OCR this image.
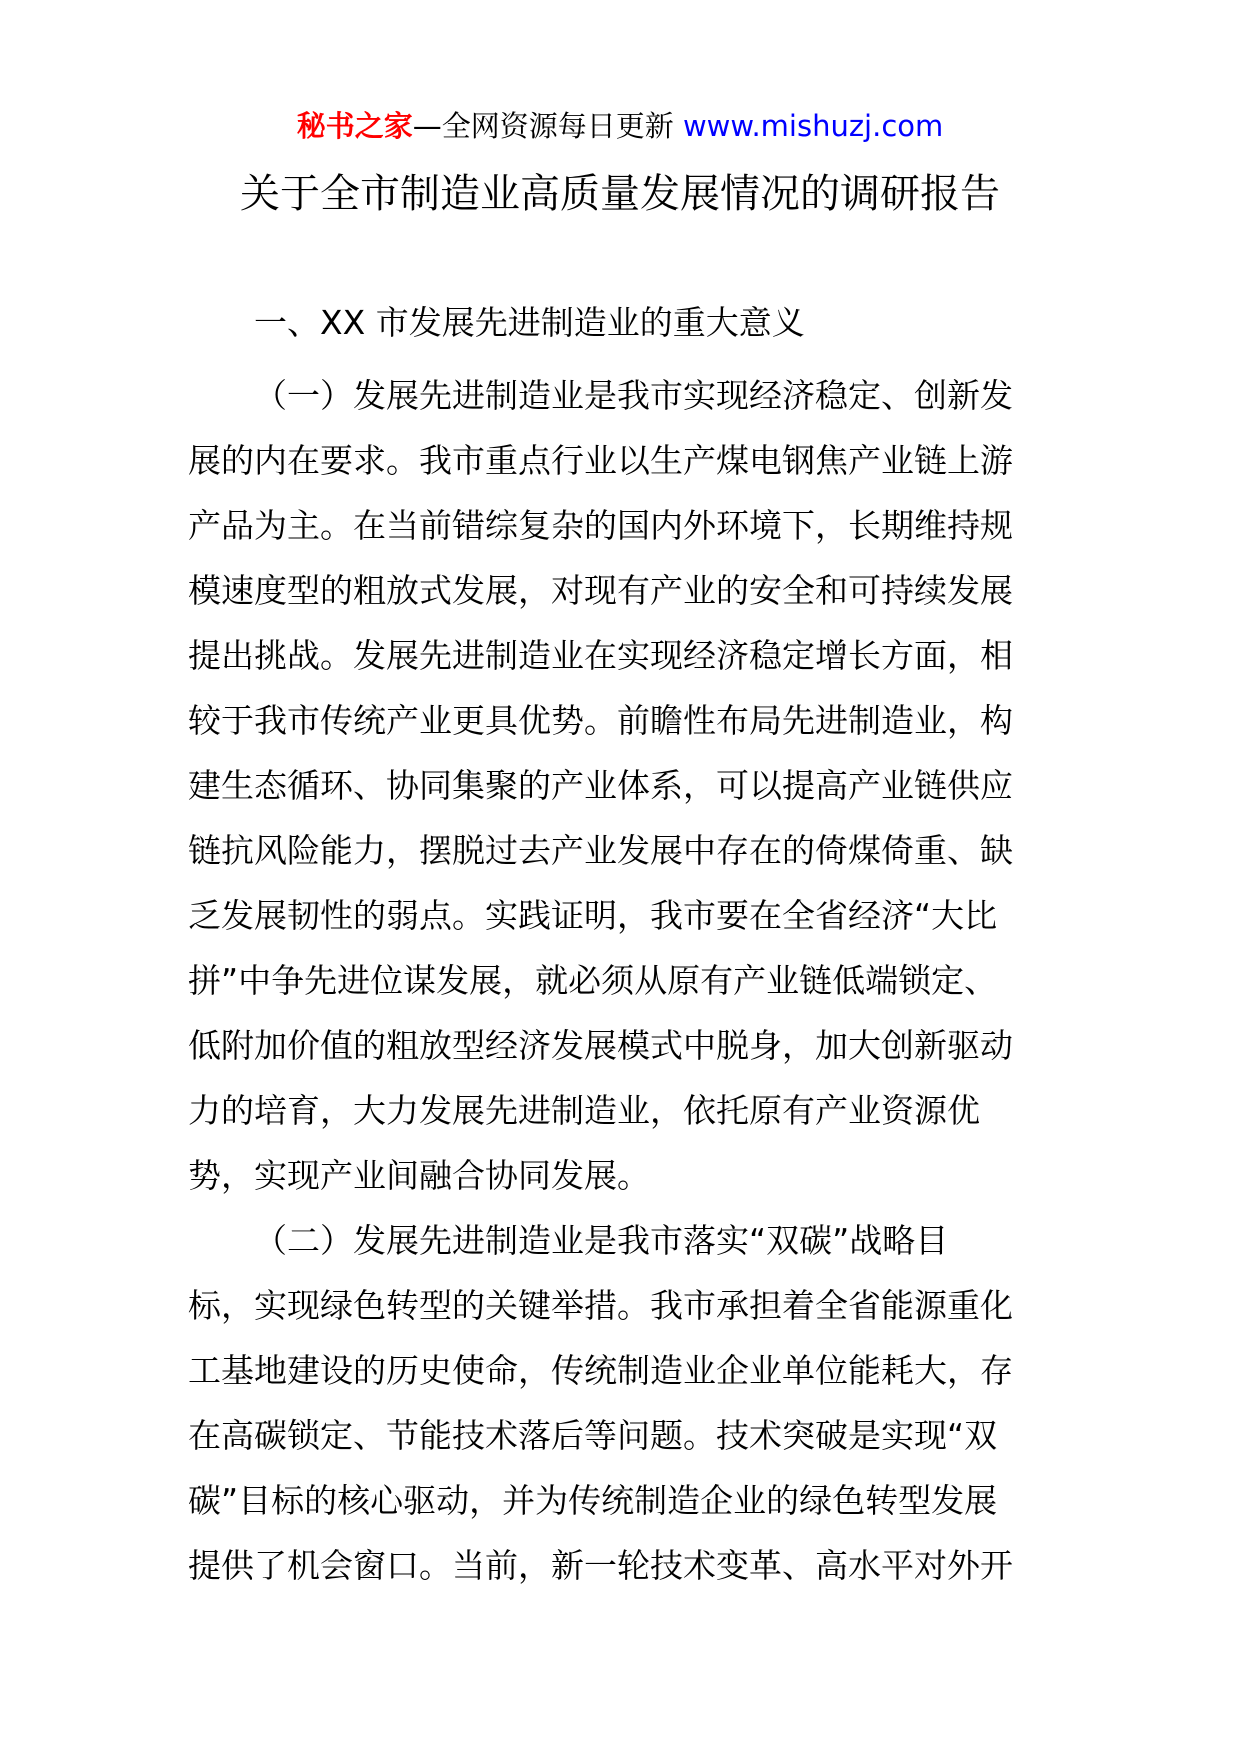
秘书之家—全网资源每日更新 www.mishuzj.com
关于全市制造业高质量发展情况的调研报告
一、XX 市发展先进制造业的重大意义

（一）发展先进制造业是我市实现经济稳定、创新发
展的内在要求。我市重点行业以生产煤电钢焦产业链上游
产品为主。在当前错综复杂的国内外环境下，长期维持规
模速度型的粗放式发展，对现有产业的安全和可持续发展
提出挑战。发展先进制造业在实现经济稳定增长方面，相
较于我市传统产业更具优势。前瞻性布局先进制造业，构
建生态循环、协同集聚的产业体系，可以提高产业链供应
链抗风险能力，摆脱过去产业发展中存在的倚煤倚重、缺
乏发展韧性的弱点。实践证明，我市要在全省经济“大比
拼”中争先进位谋发展，就必须从原有产业链低端锁定、
低附加价值的粗放型经济发展模式中脱身，加大创新驱动
力的培育，大力发展先进制造业，依托原有产业资源优
势，实现产业间融合协同发展。

（二）发展先进制造业是我市落实“双碳”战略目
标，实现绿色转型的关键举措。我市承担着全省能源重化
工基地建设的历史使命，传统制造业企业单位能耗大，存
在高碳锁定、节能技术落后等问题。技术突破是实现“双
碳”目标的核心驱动，并为传统制造企业的绿色转型发展
提供了机会窗口。当前，新一轮技术变革、高水平对外开
